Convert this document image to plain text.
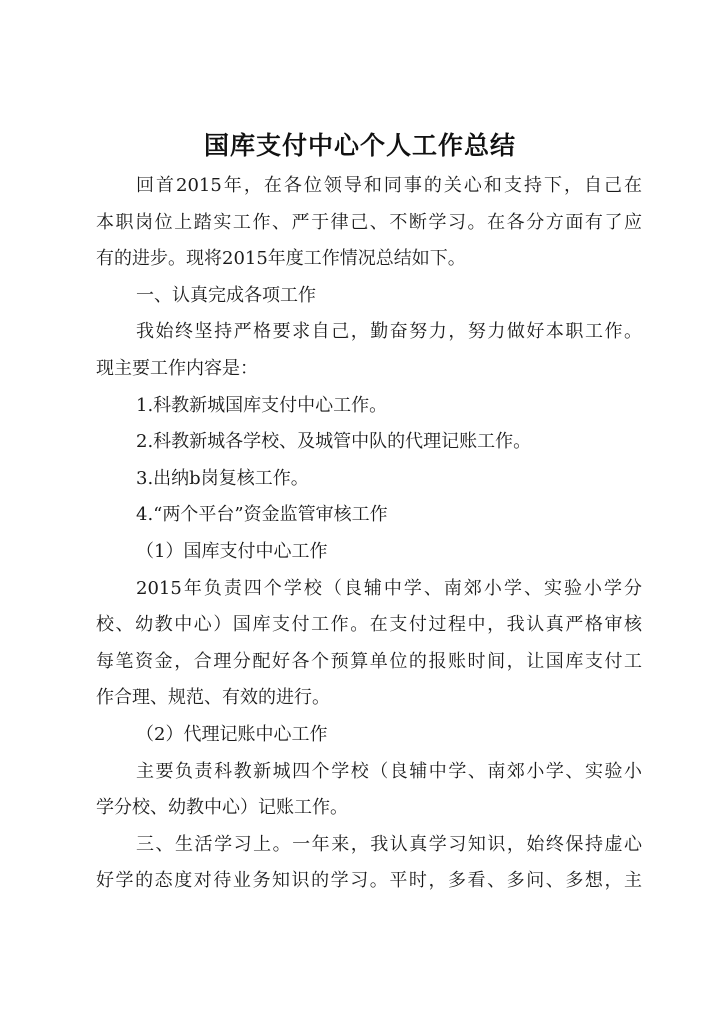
国库支付中心个人工作总结
回首2015年，在各位领导和同事的关心和支持下，自己在
本职岗位上踏实工作、严于律己、不断学习。在各分方面有了应
有的进步。现将2015年度工作情况总结如下。
一、认真完成各项工作
我始终坚持严格要求自己，勤奋努力，努力做好本职工作。
现主要工作内容是：
1.科教新城国库支付中心工作。
2.科教新城各学校、及城管中队的代理记账工作。
3.出纳b岗复核工作。
4.“两个平台”资金监管审核工作
（1）国库支付中心工作
2015年负责四个学校（良辅中学、南郊小学、实验小学分
校、幼教中心）国库支付工作。在支付过程中，我认真严格审核
每笔资金，合理分配好各个预算单位的报账时间，让国库支付工
作合理、规范、有效的进行。
（2）代理记账中心工作
主要负责科教新城四个学校（良辅中学、南郊小学、实验小
学分校、幼教中心）记账工作。
三、生活学习上。一年来，我认真学习知识，始终保持虚心
好学的态度对待业务知识的学习。平时，多看、多问、多想，主
